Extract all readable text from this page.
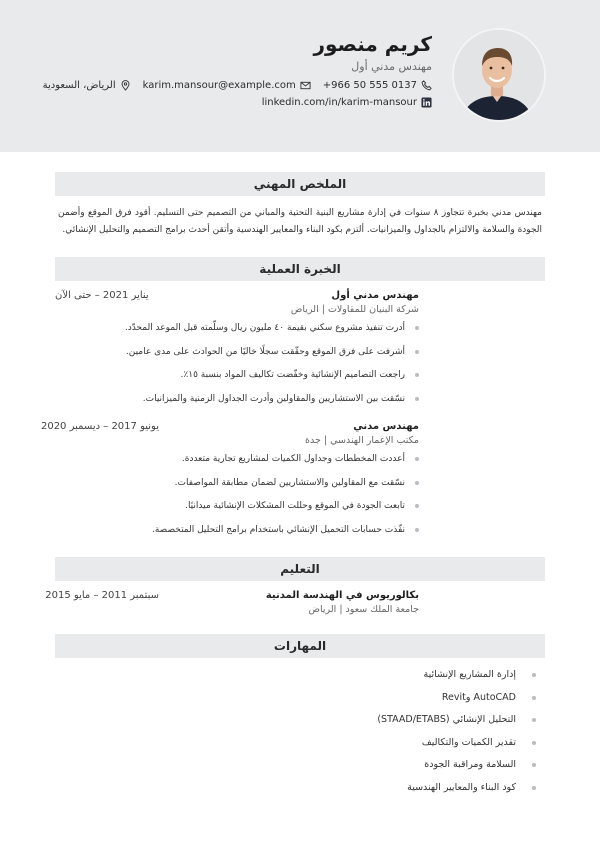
كريم منصور
مهندس مدني أول
+966 50 555 0137
karim.mansour@example.com
الرياض، السعودية
linkedin.com/in/karim-mansour
الملخص المهني
مهندس مدني بخبرة تتجاوز ٨ سنوات في إدارة مشاريع البنية التحتية والمباني من التصميم حتى التسليم. أقود فرق الموقع وأضمن الجودة والسلامة والالتزام بالجداول والميزانيات. ألتزم بكود البناء والمعايير الهندسية وأتقن أحدث برامج التصميم والتحليل الإنشائي.
الخبرة العملية
يناير 2021 – حتى الآن	مهندس مدني أول
شركة البنيان للمقاولات | الرياض
أدرت تنفيذ مشروع سكني بقيمة ٤٠ مليون ريال وسلّمته قبل الموعد المحدّد.
أشرفت على فرق الموقع وحقّقت سجلًا خاليًا من الحوادث على مدى عامين.
راجعت التصاميم الإنشائية وخفّضت تكاليف المواد بنسبة ١٥٪.
نسّقت بين الاستشاريين والمقاولين وأدرت الجداول الزمنية والميزانيات.
يونيو 2017 – ديسمبر 2020	مهندس مدني
مكتب الإعمار الهندسي | جدة
أعددت المخططات وجداول الكميات لمشاريع تجارية متعددة.
نسّقت مع المقاولين والاستشاريين لضمان مطابقة المواصفات.
تابعت الجودة في الموقع وحللت المشكلات الإنشائية ميدانيًا.
نفّذت حسابات التحميل الإنشائي باستخدام برامج التحليل المتخصصة.
التعليم
سبتمبر 2011 – مايو 2015	بكالوريوس في الهندسة المدنية
جامعة الملك سعود | الرياض
المهارات
إدارة المشاريع الإنشائية
AutoCAD وRevit
التحليل الإنشائي (STAAD/ETABS)
تقدير الكميات والتكاليف
السلامة ومراقبة الجودة
كود البناء والمعايير الهندسية
